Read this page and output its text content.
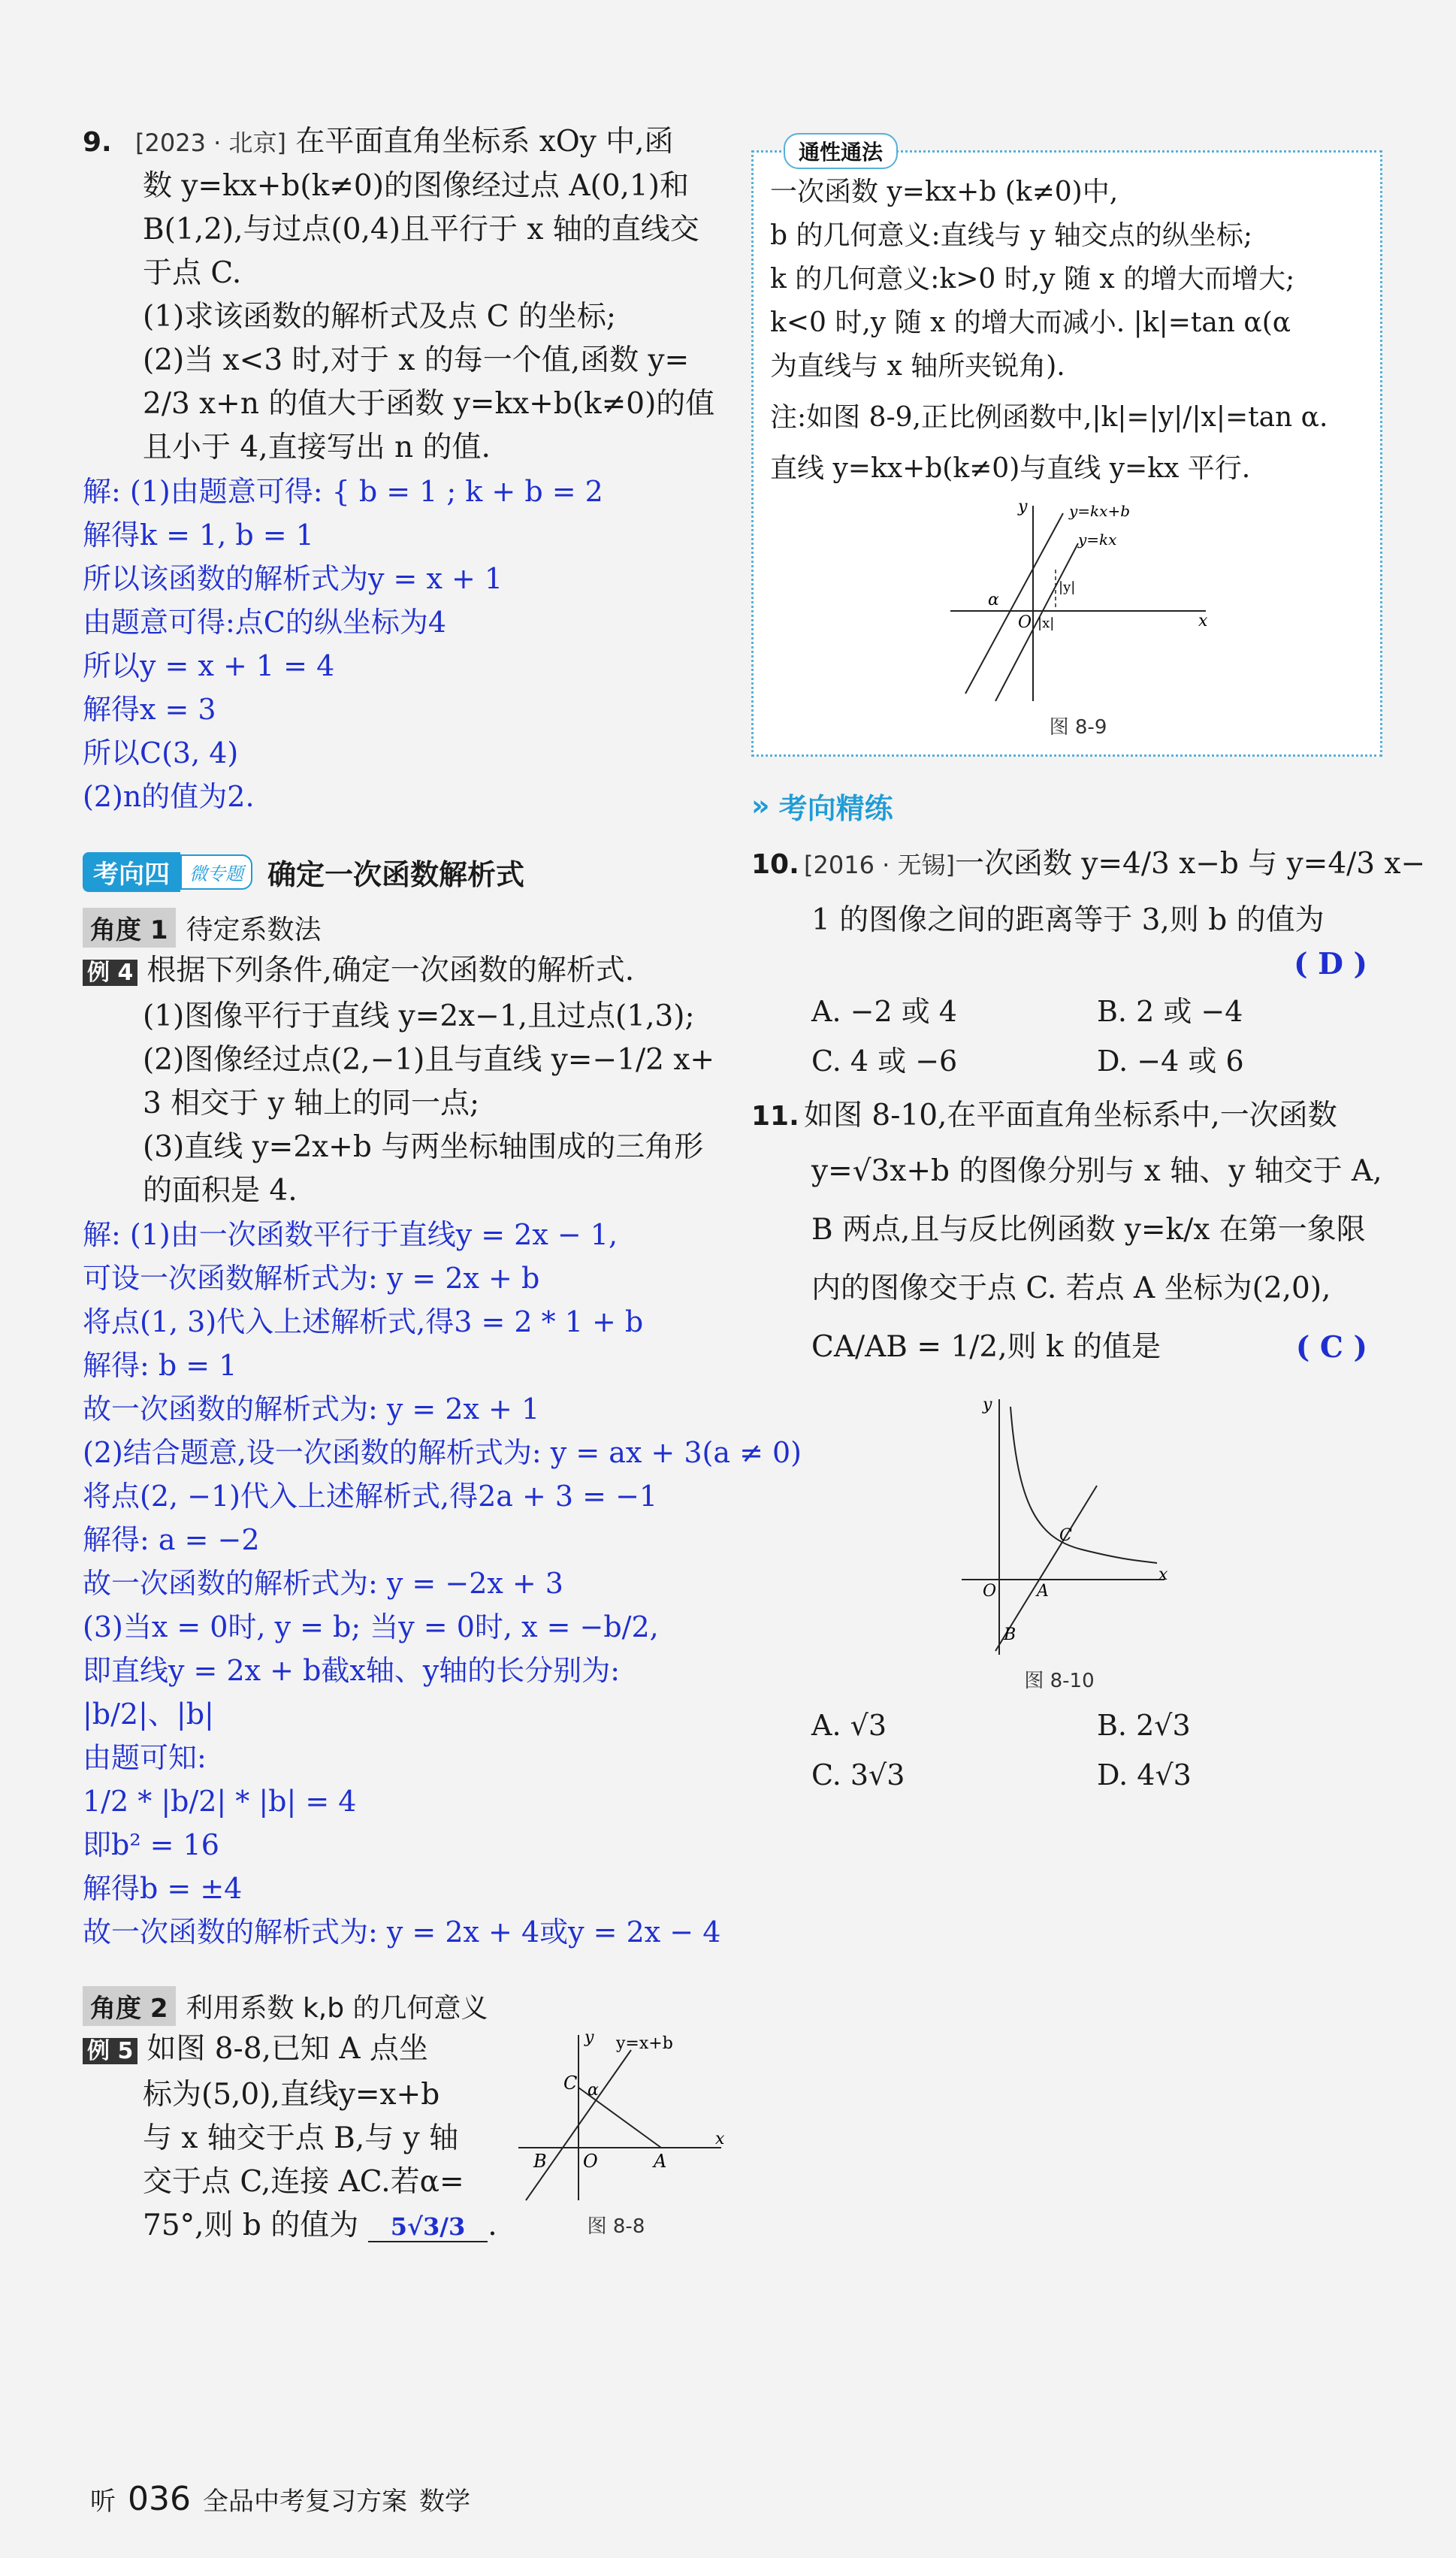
9. [2023 · 北京] 在平面直角坐标系 xOy 中,函

数 y=kx+b(k≠0)的图像经过点 A(0,1)和

B(1,2),与过点(0,4)且平行于 x 轴的直线交

于点 C.

(1)求该函数的解析式及点 C 的坐标;

(2)当 x<3 时,对于 x 的每一个值,函数 y=

2/3 x+n 的值大于函数 y=kx+b(k≠0)的值

且小于 4,直接写出 n 的值.

解: (1)由题意可得: { b = 1 ; k + b = 2

解得k = 1, b = 1

所以该函数的解析式为y = x + 1

由题意可得:点C的纵坐标为4

所以y = x + 1 = 4

解得x = 3

所以C(3, 4)

(2)n的值为2.

考向四	微专题 确定一次函数解析式
角度 1 待定系数法

例 4 根据下列条件,确定一次函数的解析式.

(1)图像平行于直线 y=2x−1,且过点(1,3);

(2)图像经过点(2,−1)且与直线 y=−1/2 x+

3 相交于 y 轴上的同一点;

(3)直线 y=2x+b 与两坐标轴围成的三角形

的面积是 4.

解: (1)由一次函数平行于直线y = 2x − 1,

可设一次函数解析式为: y = 2x + b

将点(1, 3)代入上述解析式,得3 = 2 * 1 + b

解得: b = 1

故一次函数的解析式为: y = 2x + 1

(2)结合题意,设一次函数的解析式为: y = ax + 3(a ≠ 0)

将点(2, −1)代入上述解析式,得2a + 3 = −1

解得: a = −2

故一次函数的解析式为: y = −2x + 3

(3)当x = 0时, y = b; 当y = 0时, x = −b/2,

即直线y = 2x + b截x轴、y轴的长分别为:

|b/2|、|b|

由题可知:

1/2 * |b/2| * |b| = 4

即b² = 16

解得b = ±4

故一次函数的解析式为: y = 2x + 4或y = 2x − 4

角度 2 利用系数 k,b 的几何意义

例 5 如图 8-8,已知 A 点坐

标为(5,0),直线y=x+b

与 x 轴交于点 B,与 y 轴

交于点 C,连接 AC.若α=

75°,则 b 的值为 5√3/3 .

y=x+b
y
x
C α
B O	A
图 8-8
通性通法

一次函数 y=kx+b (k≠0)中,

b 的几何意义:直线与 y 轴交点的纵坐标;

k 的几何意义:k>0 时,y 随 x 的增大而增大;

k<0 时,y 随 x 的增大而减小. |k|=tan α(α

为直线与 x 轴所夹锐角).

注:如图 8-9,正比例函数中,|k|=|y|/|x|=tan α.

直线 y=kx+b(k≠0)与直线 y=kx 平行.

y=kx+b
y=kx
y
x
O
α
|y|
|x|
图 8-9
» 考向精练

10. [2016 · 无锡]一次函数 y=4/3 x−b 与 y=4/3 x−

1 的图像之间的距离等于 3,则 b 的值为

( D )

A. −2 或 4	B. 2 或 −4
C. 4 或 −6	D. −4 或 6

11. 如图 8-10,在平面直角坐标系中,一次函数

y=√3x+b 的图像分别与 x 轴、y 轴交于 A,

B 两点,且与反比例函数 y=k/x 在第一象限

内的图像交于点 C. 若点 A 坐标为(2,0),

CA/AB = 1/2,则 k 的值是	( C )

y
x
O A
B
C
图 8-10
A. √3	B. 2√3
C. 3√3	D. 4√3
听 036 全品中考复习方案 数学
